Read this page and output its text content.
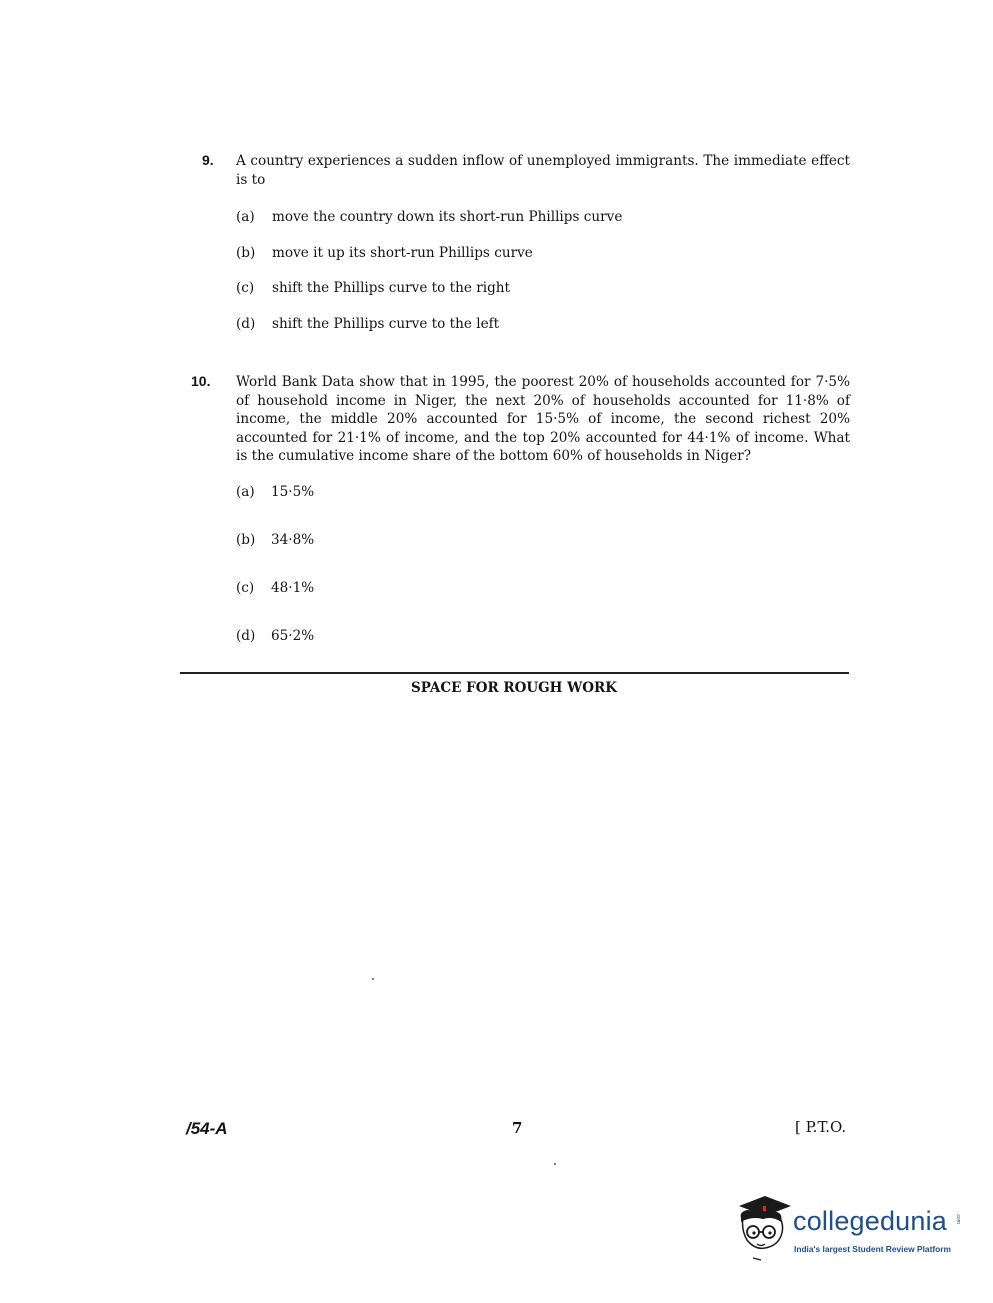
9. A country experiences a sudden inflow of unemployed immigrants. The immediate effect is to
(a) move the country down its short-run Phillips curve
(b) move it up its short-run Phillips curve
(c) shift the Phillips curve to the right
(d) shift the Phillips curve to the left
10. World Bank Data show that in 1995, the poorest 20% of households accounted for 7·5% of household income in Niger, the next 20% of households accounted for 11·8% of income, the middle 20% accounted for 15·5% of income, the second richest 20% accounted for 21·1% of income, and the top 20% accounted for 44·1% of income. What is the cumulative income share of the bottom 60% of households in Niger?
(a) 15·5%
(b) 34·8%
(c) 48·1%
(d) 65·2%
SPACE FOR ROUGH WORK
/54-A	7	[ P.T.O.
collegedunia .com
India's largest Student Review Platform
